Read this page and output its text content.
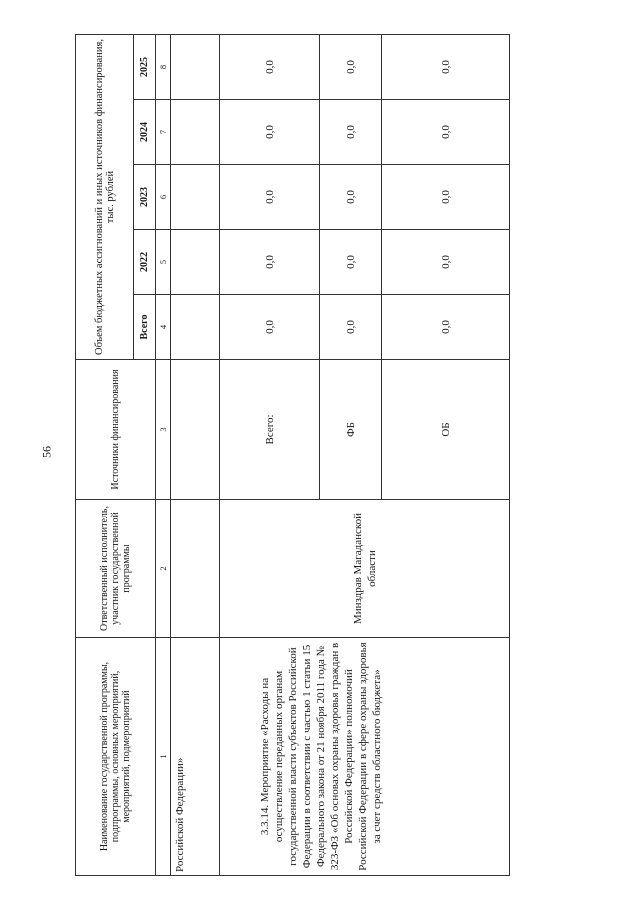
56
Наименование государственной программы, подпрограммы, основных мероприятий, мероприятий, подмероприятий	Ответственный исполнитель, участник государственной программы	Источники финансирования	Объем бюджетных ассигнований и иных источников финансирования, тыс. рублей				
			Всего	2022	2023	2024	2025
1	2	3	4	5	6	7	8
Российской Федерации»							
3.3.14. Мероприятие «Расходы на осуществление переданных органам государственной власти субъектов Российской Федерации в соответствии с частью 1 статьи 15 Федерального закона от 21 ноября 2011 года № 323-ФЗ «Об основах охраны здоровья граждан в Российской Федерации» полномочий Российской Федерации в сфере охраны здоровья за счет средств областного бюджета»	Минздрав Магаданской области	Всего:	0,0	0,0	0,0	0,0	0,0
		ФБ	0,0	0,0	0,0	0,0	0,0
		ОБ	0,0	0,0	0,0	0,0	0,0
